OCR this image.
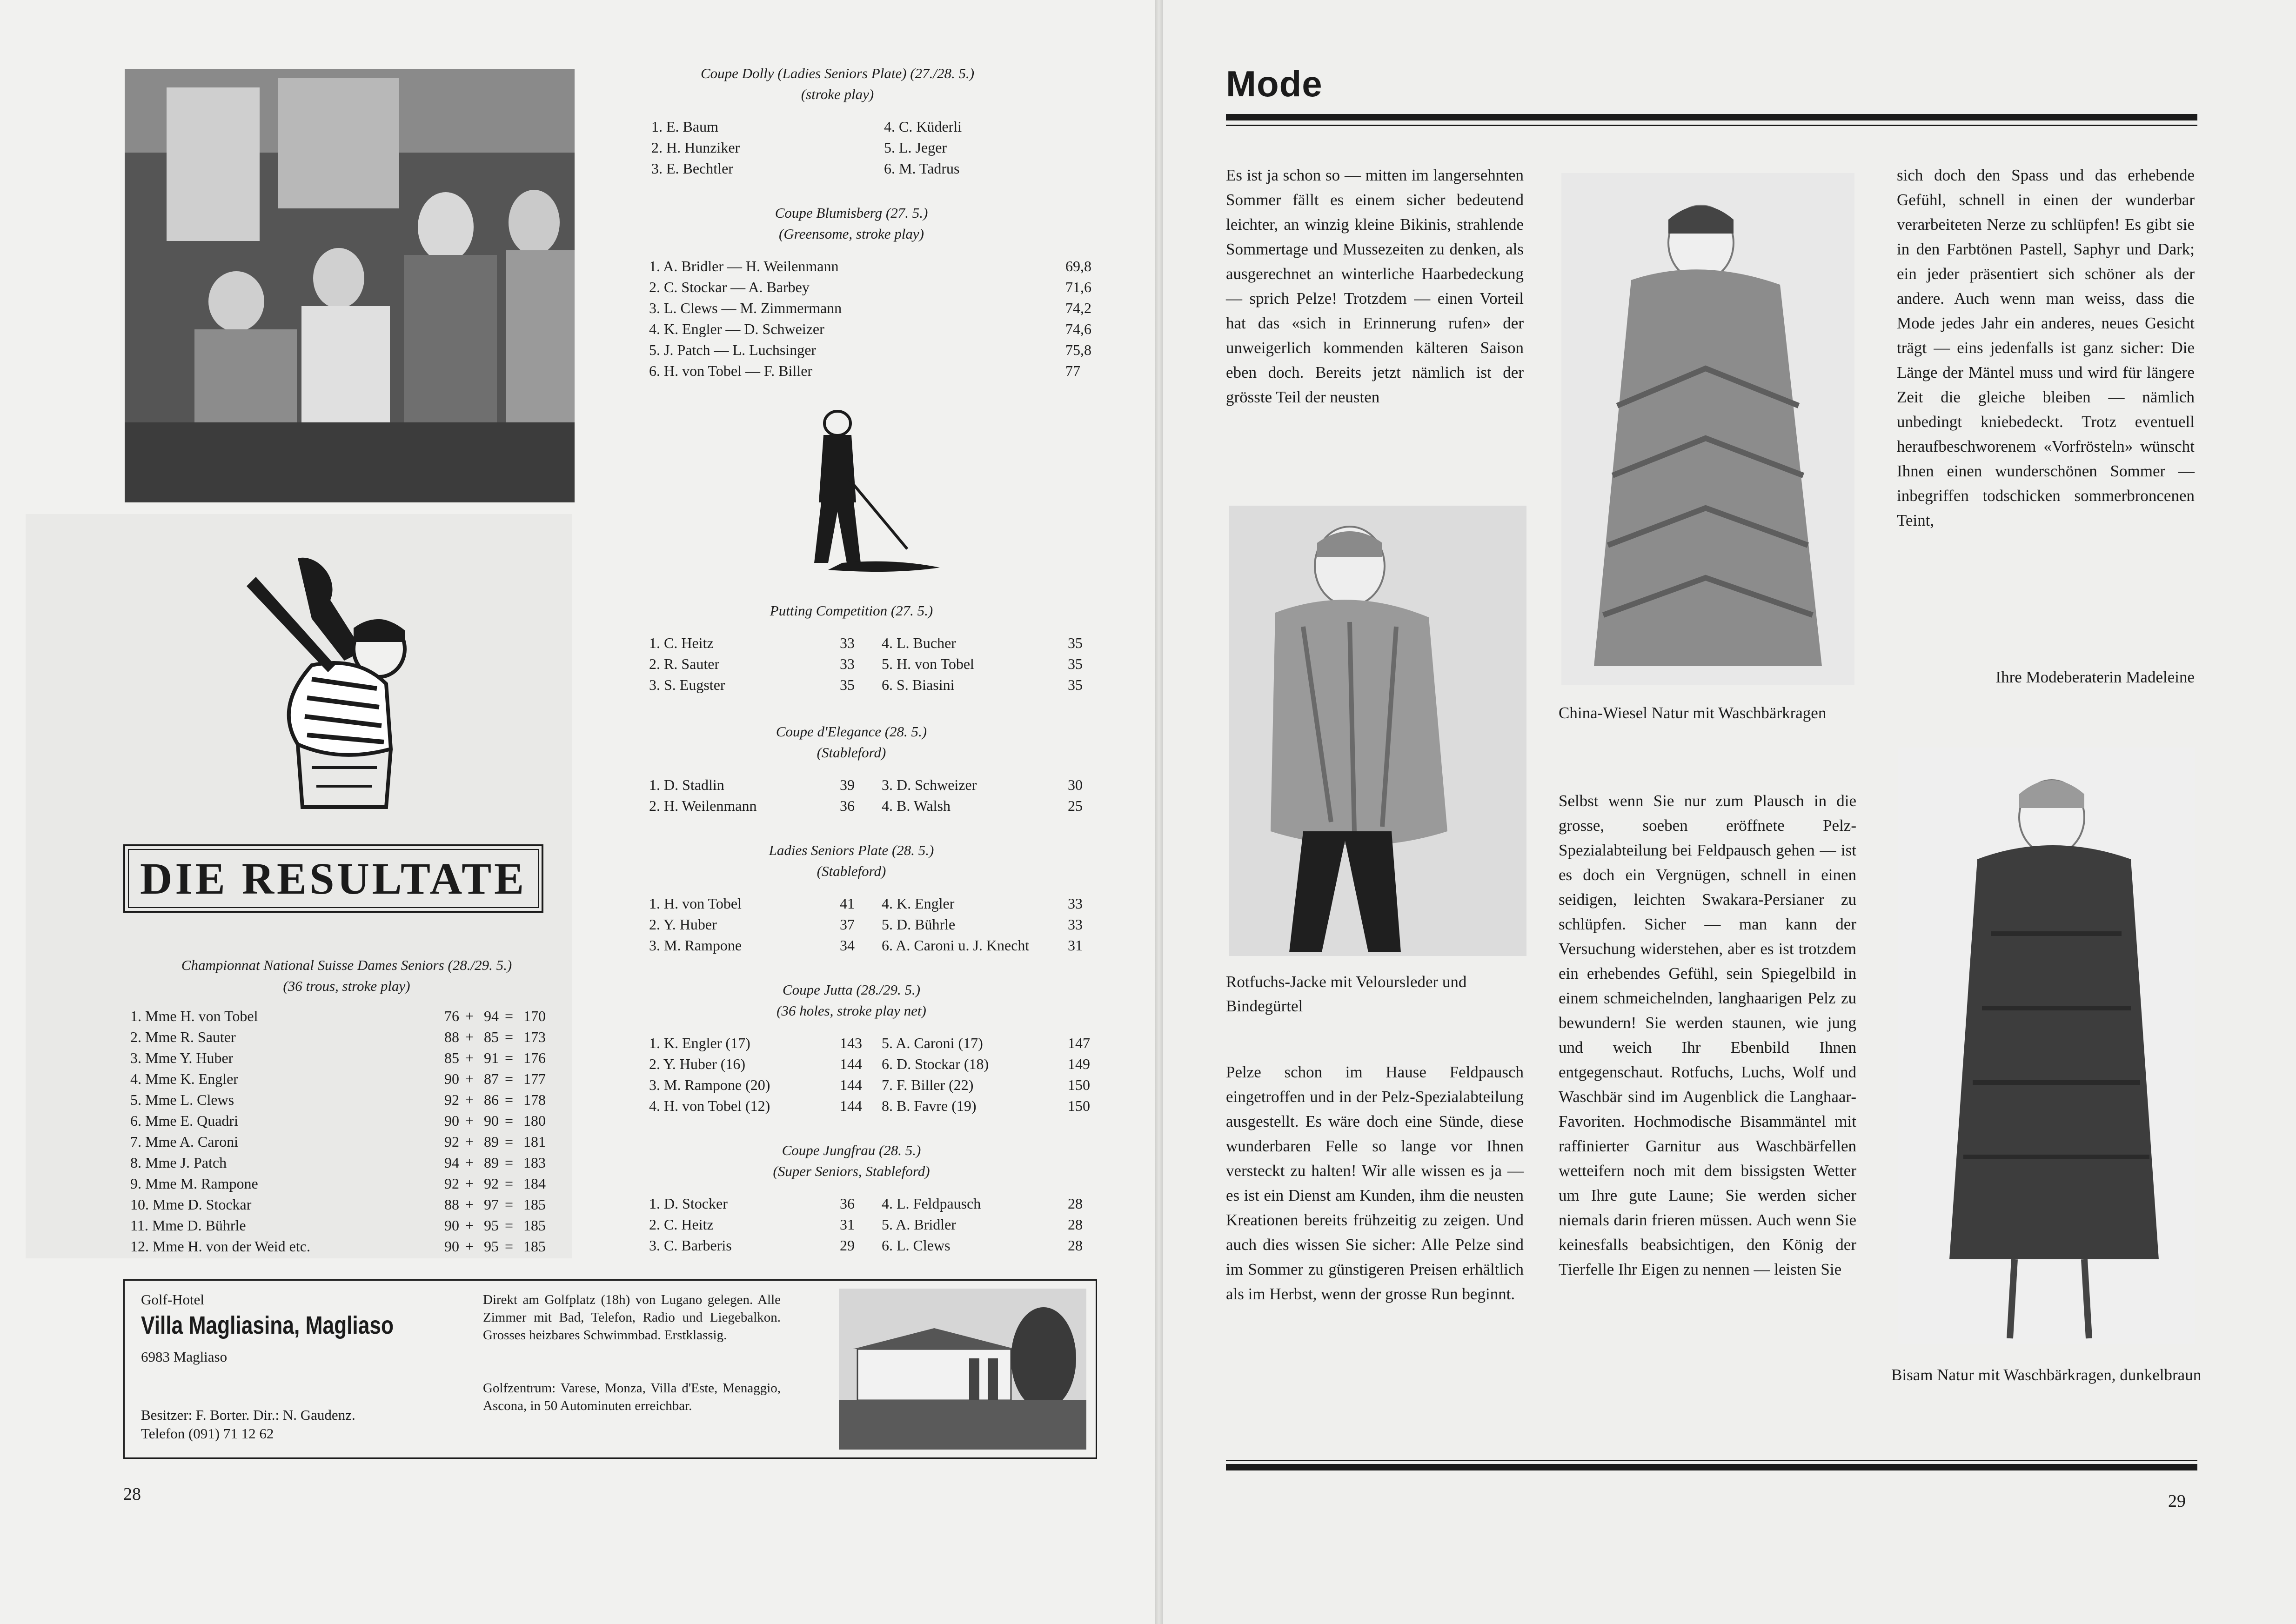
DIE RESULTATE
Championnat National Suisse Dames Seniors (28./29. 5.)
(36 trous, stroke play)
1. Mme H. von Tobel	76 + 94 = 170
2. Mme R. Sauter	88 + 85 = 173
3. Mme Y. Huber	85 + 91 = 176
4. Mme K. Engler	90 + 87 = 177
5. Mme L. Clews	92 + 86 = 178
6. Mme E. Quadri	90 + 90 = 180
7. Mme A. Caroni	92 + 89 = 181
8. Mme J. Patch	94 + 89 = 183
9. Mme M. Rampone	92 + 92 = 184
10. Mme D. Stockar	88 + 97 = 185
11. Mme D. Bührle	90 + 95 = 185
12. Mme H. von der Weid etc.	90 + 95 = 185
Coupe Dolly (Ladies Seniors Plate) (27./28. 5.)
(stroke play)
1. E. Baum	4. C. Küderli
2. H. Hunziker	5. L. Jeger
3. E. Bechtler	6. M. Tadrus
Coupe Blumisberg (27. 5.)
(Greensome, stroke play)
1. A. Bridler — H. Weilenmann	69,8
2. C. Stockar — A. Barbey	71,6
3. L. Clews — M. Zimmermann	74,2
4. K. Engler — D. Schweizer	74,6
5. J. Patch — L. Luchsinger	75,8
6. H. von Tobel — F. Biller	77
Putting Competition (27. 5.)
1. C. Heitz	33 4. L. Bucher	35
2. R. Sauter	33 5. H. von Tobel	35
3. S. Eugster	35 6. S. Biasini	35
Coupe d'Elegance (28. 5.)
(Stableford)
1. D. Stadlin	39 3. D. Schweizer	30
2. H. Weilenmann	36 4. B. Walsh	25
Ladies Seniors Plate (28. 5.)
(Stableford)
1. H. von Tobel	41 4. K. Engler	33
2. Y. Huber	37 5. D. Bührle	33
3. M. Rampone	34 6. A. Caroni u. J. Knecht	31
Coupe Jutta (28./29. 5.)
(36 holes, stroke play net)
1. K. Engler (17)	143 5. A. Caroni (17)	147
2. Y. Huber (16)	144 6. D. Stockar (18)	149
3. M. Rampone (20)	144 7. F. Biller (22)	150
4. H. von Tobel (12)	144 8. B. Favre (19)	150
Coupe Jungfrau (28. 5.)
(Super Seniors, Stableford)
1. D. Stocker	36 4. L. Feldpausch	28
2. C. Heitz	31 5. A. Bridler	28
3. C. Barberis	29 6. L. Clews	28
Golf-Hotel
Villa Magliasina, Magliaso
6983 Magliaso
Besitzer: F. Borter. Dir.: N. Gaudenz.
Telefon (091) 71 12 62
Direkt am Golfplatz (18h) von Lugano gelegen. Alle Zimmer mit Bad, Telefon, Radio und Liegebalkon. Grosses heizbares Schwimmbad. Erstklassig.
Golfzentrum: Varese, Monza, Villa d'Este, Menaggio, Ascona, in 50 Autominuten erreichbar.
28
Mode
Es ist ja schon so — mitten im langersehnten Sommer fällt es einem sicher bedeutend leichter, an winzig kleine Bikinis, strahlende Sommertage und Mussezeiten zu denken, als ausgerechnet an winterliche Haarbedeckung — sprich Pelze! Trotzdem — einen Vorteil hat das «sich in Erinnerung rufen» der unweigerlich kommenden kälteren Saison eben doch. Bereits jetzt nämlich ist der grösste Teil der neusten
Rotfuchs-Jacke mit Veloursleder und Bindegürtel
Pelze schon im Hause Feldpausch eingetroffen und in der Pelz-Spezialabteilung ausgestellt. Es wäre doch eine Sünde, diese wunderbaren Felle so lange vor Ihnen versteckt zu halten! Wir alle wissen es ja — es ist ein Dienst am Kunden, ihm die neusten Kreationen bereits frühzeitig zu zeigen. Und auch dies wissen Sie sicher: Alle Pelze sind im Sommer zu günstigeren Preisen erhältlich als im Herbst, wenn der grosse Run beginnt.
China-Wiesel Natur mit Waschbärkragen
Selbst wenn Sie nur zum Plausch in die grosse, soeben eröffnete Pelz-Spezialabteilung bei Feldpausch gehen — ist es doch ein Vergnügen, schnell in einen seidigen, leichten Swakara-Persianer zu schlüpfen. Sicher — man kann der Versuchung widerstehen, aber es ist trotzdem ein erhebendes Gefühl, sein Spiegelbild in einem schmeichelnden, langhaarigen Pelz zu bewundern! Sie werden staunen, wie jung und weich Ihr Ebenbild Ihnen entgegenschaut. Rotfuchs, Luchs, Wolf und Waschbär sind im Augenblick die Langhaar-Favoriten. Hochmodische Bisammäntel mit raffinierter Garnitur aus Waschbärfellen wetteifern noch mit dem bissigsten Wetter um Ihre gute Laune; Sie werden sicher niemals darin frieren müssen. Auch wenn Sie keinesfalls beabsichtigen, den König der Tierfelle Ihr Eigen zu nennen — leisten Sie
sich doch den Spass und das erhebende Gefühl, schnell in einen der wunderbar verarbeiteten Nerze zu schlüpfen! Es gibt sie in den Farbtönen Pastell, Saphyr und Dark; ein jeder präsentiert sich schöner als der andere. Auch wenn man weiss, dass die Mode jedes Jahr ein anderes, neues Gesicht trägt — eins jedenfalls ist ganz sicher: Die Länge der Mäntel muss und wird für längere Zeit die gleiche bleiben — nämlich unbedingt kniebedeckt. Trotz eventuell heraufbeschworenem «Vorfrösteln» wünscht Ihnen einen wunderschönen Sommer — inbegriffen todschicken sommerbroncenen Teint,
Ihre Modeberaterin Madeleine
Bisam Natur mit Waschbärkragen, dunkelbraun
29
